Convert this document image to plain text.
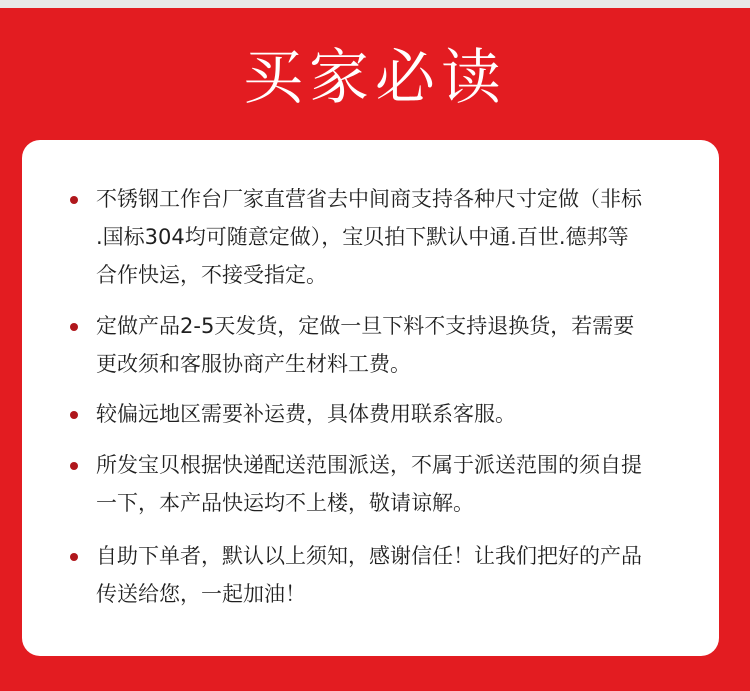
买家必读
不锈钢工作台厂家直营省去中间商支持各种尺寸定做（非标
.国标304均可随意定做），宝贝拍下默认中通.百世.德邦等
合作快运，不接受指定。
定做产品2-5天发货，定做一旦下料不支持退换货，若需要
更改须和客服协商产生材料工费。
较偏远地区需要补运费，具体费用联系客服。
所发宝贝根据快递配送范围派送，不属于派送范围的须自提
一下，本产品快运均不上楼，敬请谅解。
自助下单者，默认以上须知，感谢信任！让我们把好的产品
传送给您，一起加油！
